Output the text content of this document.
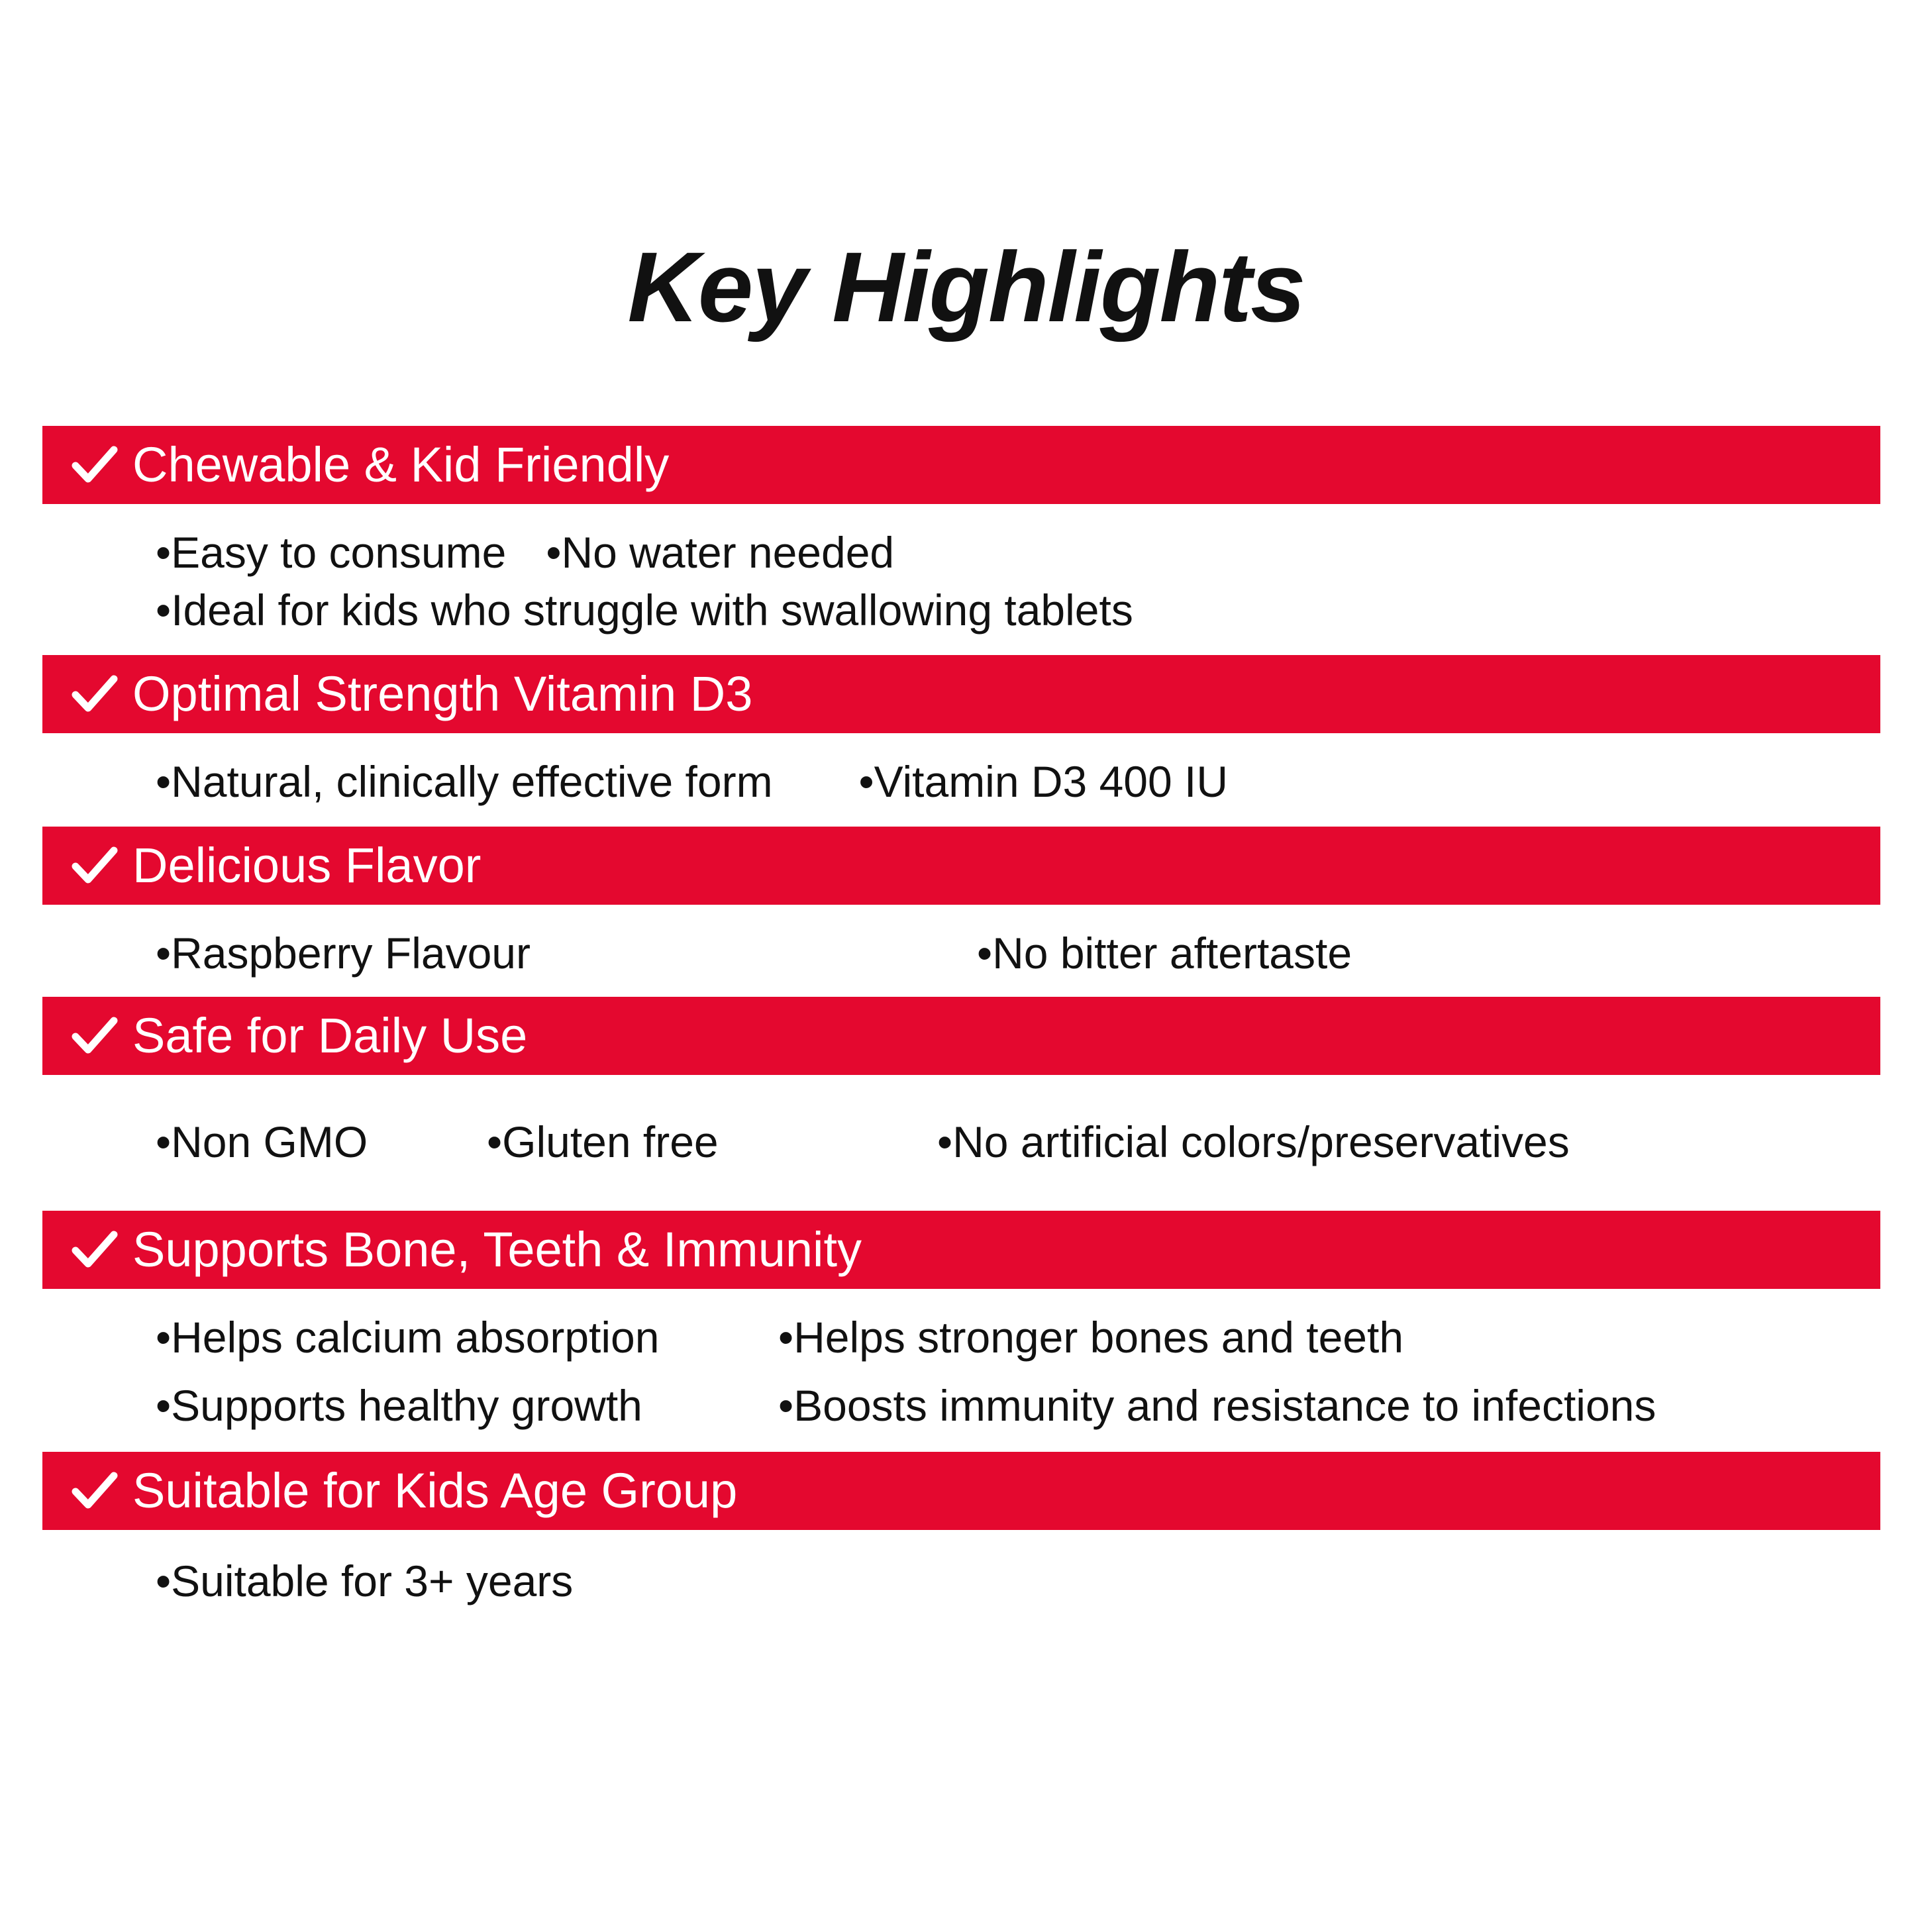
Key Highlights
Chewable & Kid Friendly
•Easy to consume •No water needed
•Ideal for kids who struggle with swallowing tablets
Optimal Strength Vitamin D3
•Natural, clinically effective form •Vitamin D3 400 IU
Delicious Flavor
•Raspberry Flavour	•No bitter aftertaste
Safe for Daily Use
•Non GMO	•Gluten free	•No artificial colors/preservatives
Supports Bone, Teeth & Immunity
•Helps calcium absorption	•Helps stronger bones and teeth
•Supports healthy growth	•Boosts immunity and resistance to infections
Suitable for Kids Age Group
•Suitable for 3+ years
